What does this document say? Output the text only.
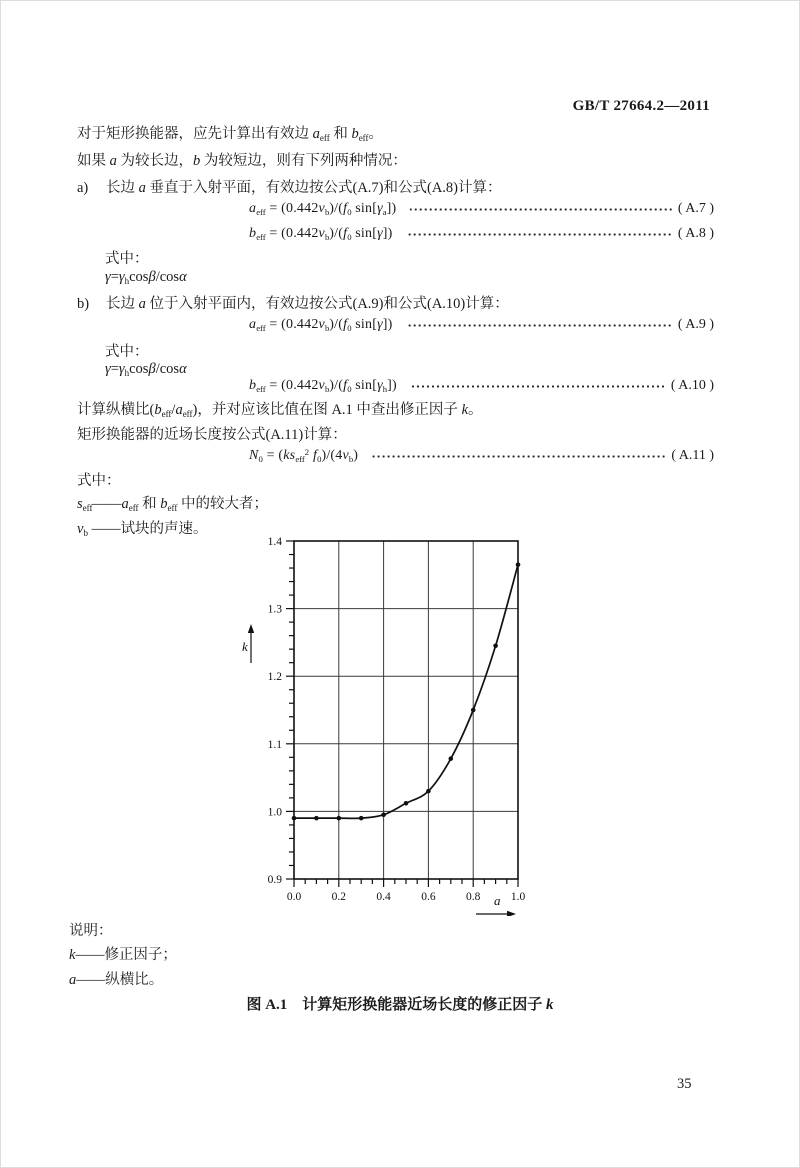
GB/T 27664.2—2011
对于矩形换能器，应先计算出有效边 aeff 和 beff。
如果 a 为较长边，b 为较短边，则有下列两种情况：
a) 长边 a 垂直于入射平面，有效边按公式(A.7)和公式(A.8)计算：
aeff = (0.442vb)/(f0 sin[γa])	( A.7 )
beff = (0.442vb)/(f0 sin[γ])	( A.8 )
式中：
γ=γhcosβ/cosα
b) 长边 a 位于入射平面内，有效边按公式(A.9)和公式(A.10)计算：
aeff = (0.442vb)/(f0 sin[γ])	( A.9 )
式中：
γ=γhcosβ/cosα
beff = (0.442vb)/(f0 sin[γh])	( A.10 )
计算纵横比(beff/aeff)，并对应该比值在图 A.1 中查出修正因子 k。
矩形换能器的近场长度按公式(A.11)计算：
N0 = (kseff$^2$ f0)/(4vb)	( A.11 )
式中：
seff——aeff 和 beff 中的较大者；
vb ——试块的声速。
0.0	0.2	0.4	0.6	0.8	1.0
0.9
1.0
1.1
1.2
1.3
1.4
k
a
说明：
k——修正因子；
a——纵横比。
图 A.1　计算矩形换能器近场长度的修正因子 k
35
